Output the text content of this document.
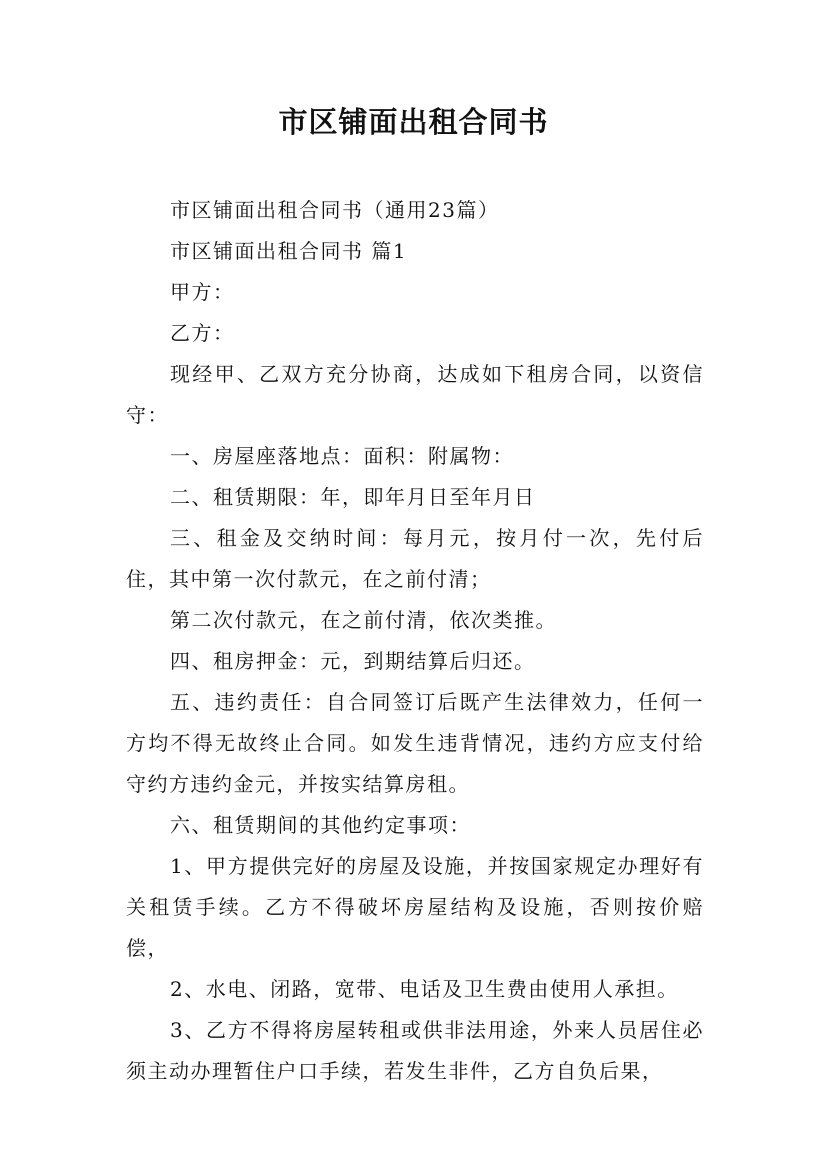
市区铺面出租合同书

市区铺面出租合同书（通用23篇）

市区铺面出租合同书 篇1

甲方：

乙方：

现经甲、乙双方充分协商，达成如下租房合同，以资信守：

一、房屋座落地点：面积：附属物：

二、租赁期限：年，即年月日至年月日

三、租金及交纳时间：每月元，按月付一次，先付后住，其中第一次付款元，在之前付清；

第二次付款元，在之前付清，依次类推。

四、租房押金：元，到期结算后归还。

五、违约责任：自合同签订后既产生法律效力，任何一方均不得无故终止合同。如发生违背情况，违约方应支付给守约方违约金元，并按实结算房租。

六、租赁期间的其他约定事项：

1、甲方提供完好的房屋及设施，并按国家规定办理好有关租赁手续。乙方不得破坏房屋结构及设施，否则按价赔偿，

2、水电、闭路，宽带、电话及卫生费由使用人承担。

3、乙方不得将房屋转租或供非法用途，外来人员居住必须主动办理暂住户口手续，若发生非件，乙方自负后果，
